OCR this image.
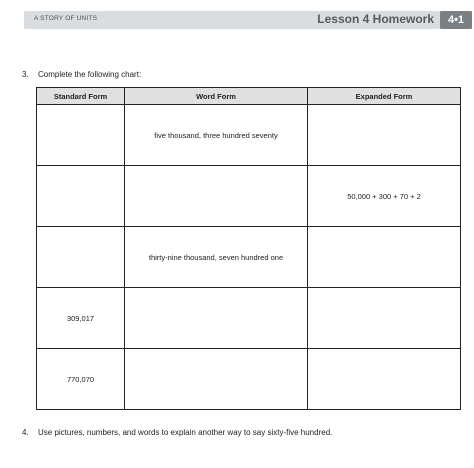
A STORY OF UNITS	Lesson 4 Homework	4•1
3. Complete the following chart:
Standard Form	Word Form	Expanded Form
	five thousand, three hundred seventy	
		50,000 + 300 + 70 + 2
	thirty-nine thousand, seven hundred one	
309,017		
770,070		
4. Use pictures, numbers, and words to explain another way to say sixty-five hundred.
